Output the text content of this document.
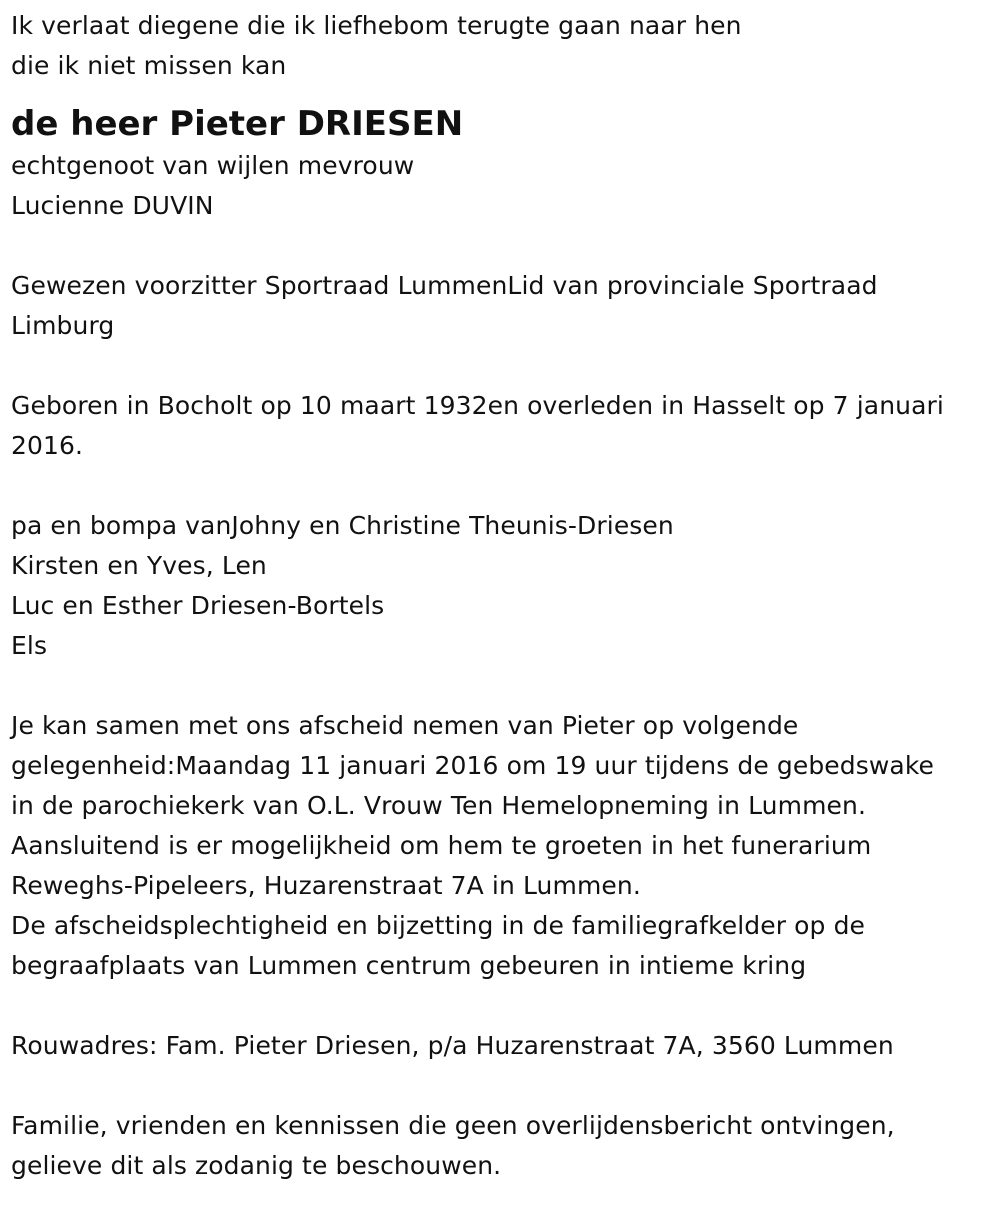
Ik verlaat diegene die ik liefhebom terugte gaan naar hen
die ik niet missen kan
de heer Pieter DRIESEN
echtgenoot van wijlen mevrouw
Lucienne DUVIN
Gewezen voorzitter Sportraad LummenLid van provinciale Sportraad
Limburg
Geboren in Bocholt op 10 maart 1932en overleden in Hasselt op 7 januari
2016.
pa en bompa vanJohny en Christine Theunis-Driesen
Kirsten en Yves, Len
Luc en Esther Driesen-Bortels
Els
Je kan samen met ons afscheid nemen van Pieter op volgende
gelegenheid:Maandag 11 januari 2016 om 19 uur tijdens de gebedswake
in de parochiekerk van O.L. Vrouw Ten Hemelopneming in Lummen.
Aansluitend is er mogelijkheid om hem te groeten in het funerarium
Reweghs-Pipeleers, Huzarenstraat 7A in Lummen.
De afscheidsplechtigheid en bijzetting in de familiegrafkelder op de
begraafplaats van Lummen centrum gebeuren in intieme kring
Rouwadres: Fam. Pieter Driesen, p/a Huzarenstraat 7A, 3560 Lummen
Familie, vrienden en kennissen die geen overlijdensbericht ontvingen,
gelieve dit als zodanig te beschouwen.
